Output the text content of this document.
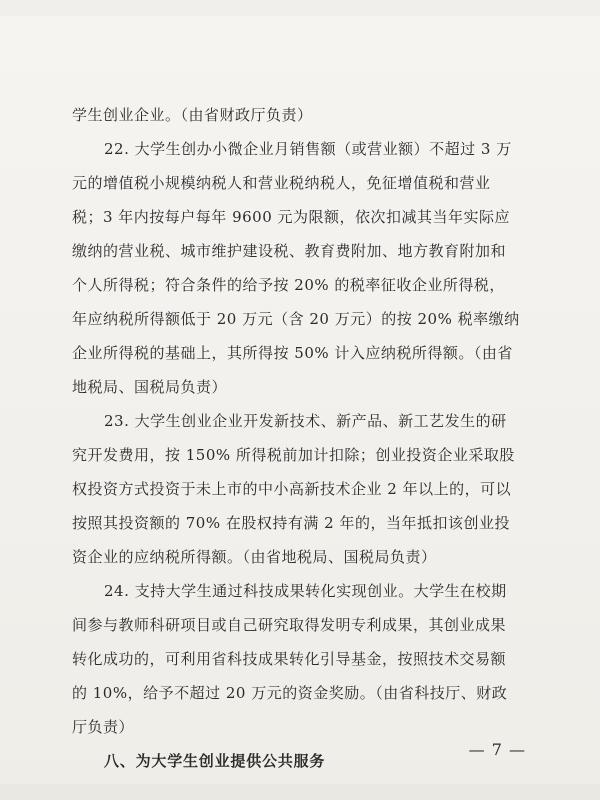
学生创业企业。（由省财政厅负责）
22. 大学生创办小微企业月销售额（或营业额）不超过 3 万
元的增值税小规模纳税人和营业税纳税人，免征增值税和营业
税；3 年内按每户每年 9600 元为限额，依次扣减其当年实际应
缴纳的营业税、城市维护建设税、教育费附加、地方教育附加和
个人所得税；符合条件的给予按 20% 的税率征收企业所得税，
年应纳税所得额低于 20 万元（含 20 万元）的按 20% 税率缴纳
企业所得税的基础上，其所得按 50% 计入应纳税所得额。（由省
地税局、国税局负责）
23. 大学生创业企业开发新技术、新产品、新工艺发生的研
究开发费用，按 150% 所得税前加计扣除；创业投资企业采取股
权投资方式投资于未上市的中小高新技术企业 2 年以上的，可以
按照其投资额的 70% 在股权持有满 2 年的，当年抵扣该创业投
资企业的应纳税所得额。（由省地税局、国税局负责）
24. 支持大学生通过科技成果转化实现创业。大学生在校期
间参与教师科研项目或自己研究取得发明专利成果，其创业成果
转化成功的，可利用省科技成果转化引导基金，按照技术交易额
的 10%，给予不超过 20 万元的资金奖励。（由省科技厅、财政
厅负责）
八、为大学生创业提供公共服务
— 7 —
